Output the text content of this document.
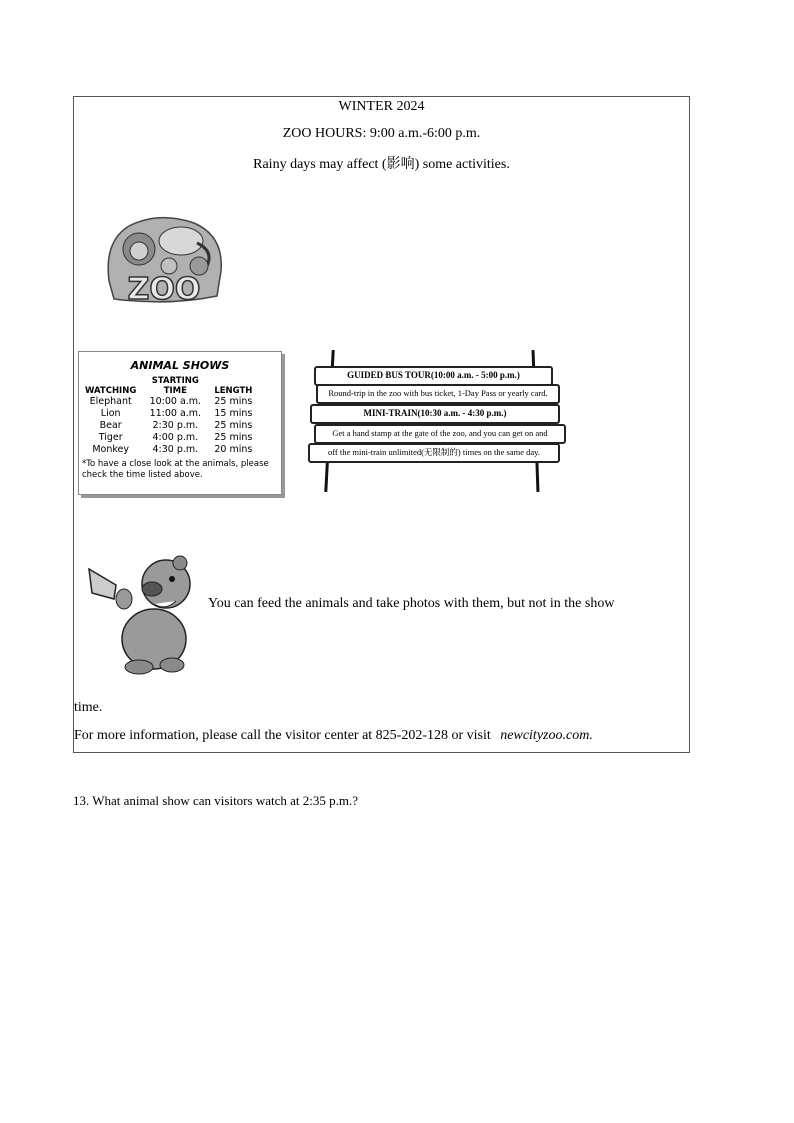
WINTER 2024
ZOO HOURS: 9:00 a.m.-6:00 p.m.
Rainy days may affect (影响) some activities.
ZOO
ANIMAL SHOWS
WATCHING	STARTING TIME	LENGTH
Elephant	10:00 a.m.	25 mins
Lion	11:00 a.m.	15 mins
Bear	2:30 p.m.	25 mins
Tiger	4:00 p.m.	25 mins
Monkey	4:30 p.m.	20 mins
*To have a close look at the animals, please check the time listed above.
GUIDED BUS TOUR(10:00 a.m. - 5:00 p.m.)
Round-trip in the zoo with bus ticket, 1-Day Pass or yearly card.
MINI-TRAIN(10:30 a.m. - 4:30 p.m.)
Get a hand stamp at the gate of the zoo, and you can get on and
off the mini-train unlimited(无限制的) times on the same day.
You can feed the animals and take photos with them, but not in the show
time.
For more information, please call the visitor center at 825-202-128 or visit newcityzoo.com.
13. What animal show can visitors watch at 2:35 p.m.?
